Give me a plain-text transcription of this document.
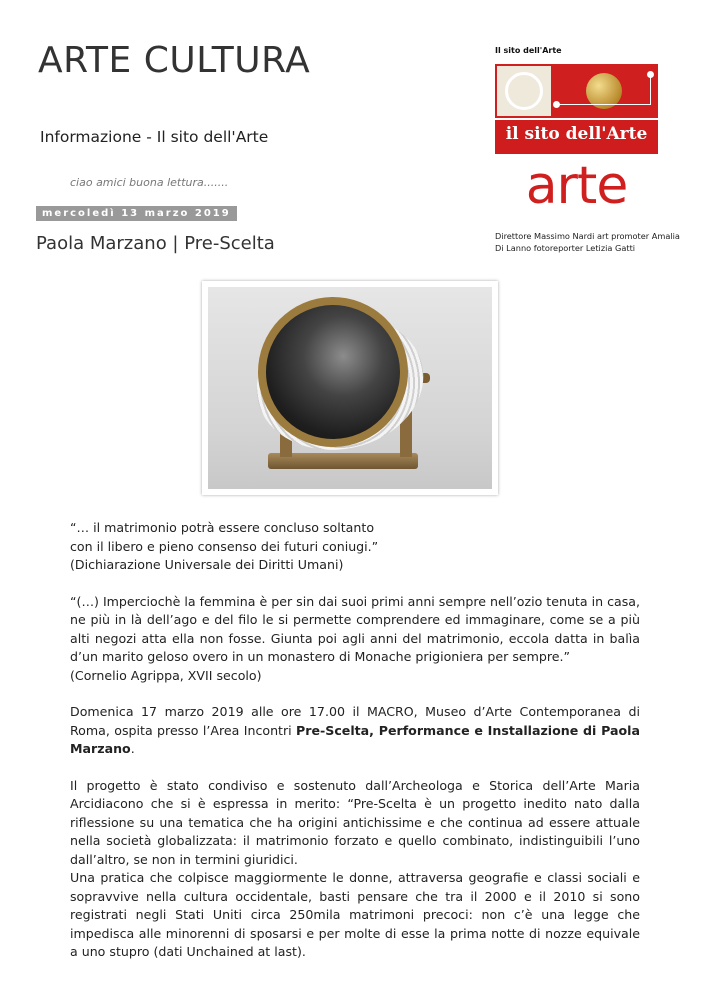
ARTE CULTURA
Informazione - Il sito dell'Arte
ciao amici buona lettura.......
mercoledì 13 marzo 2019
Paola Marzano | Pre-Scelta
Il sito dell'Arte
il sito dell'Arte
arte
Direttore Massimo Nardi art promoter Amalia Di Lanno fotoreporter Letizia Gatti

“… il matrimonio potrà essere concluso soltanto

con il libero e pieno consenso dei futuri coniugi.”

(Dichiarazione Universale dei Diritti Umani)

“(…) Imperciochè la femmina è per sin dai suoi primi anni sempre nell’ozio tenuta in casa, ne più in là dell’ago e del filo le si permette comprendere ed immaginare, come se a più alti negozi atta ella non fosse. Giunta poi agli anni del matrimonio, eccola datta in balìa d’un marito geloso overo in un monastero di Monache prigioniera per sempre.”

(Cornelio Agrippa, XVII secolo)

Domenica 17 marzo 2019 alle ore 17.00 il MACRO, Museo d’Arte Contemporanea di Roma, ospita presso l’Area Incontri Pre-Scelta, Performance e Installazione di Paola Marzano.

Il progetto è stato condiviso e sostenuto dall’Archeologa e Storica dell’Arte Maria Arcidiacono che si è espressa in merito: “Pre-Scelta è un progetto inedito nato dalla riflessione su una tematica che ha origini antichissime e che continua ad essere attuale nella società globalizzata: il matrimonio forzato e quello combinato, indistinguibili l’uno dall’altro, se non in termini giuridici.

Una pratica che colpisce maggiormente le donne, attraversa geografie e classi sociali e sopravvive nella cultura occidentale, basti pensare che tra il 2000 e il 2010 si sono registrati negli Stati Uniti circa 250mila matrimoni precoci: non c’è una legge che impedisca alle minorenni di sposarsi e per molte di esse la prima notte di nozze equivale a uno stupro (dati Unchained at last).
